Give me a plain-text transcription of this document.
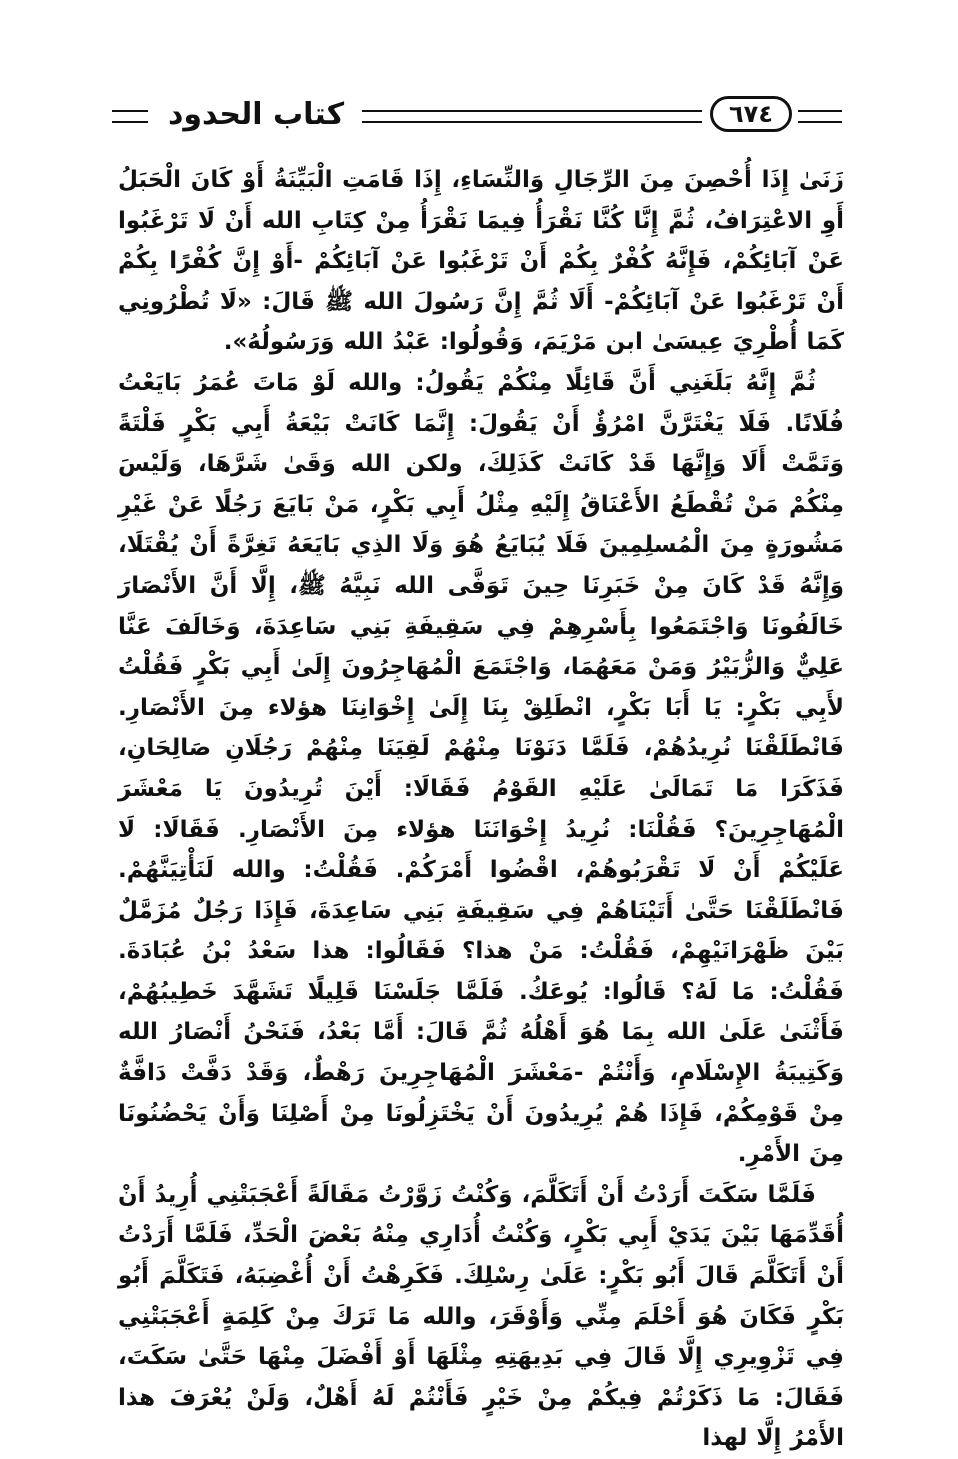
كتاب الحدود	٦٧٤

زَنَىٰ إِذَا أُحْصِنَ مِنَ الرِّجَالِ وَالنِّسَاءِ، إِذَا قَامَتِ الْبَيِّنَةُ أَوْ كَانَ الْحَبَلُ أَوِ الاعْتِرَافُ، ثُمَّ إِنَّا كُنَّا نَقْرَأُ فِيمَا نَقْرَأُ مِنْ كِتَابِ الله أَنْ لَا تَرْغَبُوا عَنْ آبَائِكُمْ، فَإِنَّهُ كُفْرٌ بِكُمْ أَنْ تَرْغَبُوا عَنْ آبَائِكُمْ -أَوْ إِنَّ كُفْرًا بِكُمْ أَنْ تَرْغَبُوا عَنْ آبَائِكُمْ- أَلَا ثُمَّ إِنَّ رَسُولَ الله ﷺ قَالَ: «لَا تُطْرُونِي كَمَا أُطْرِيَ عِيسَىٰ ابن مَرْيَمَ، وَقُولُوا: عَبْدُ الله وَرَسُولُهُ».

ثُمَّ إِنَّهُ بَلَغَنِي أَنَّ قَائِلًا مِنْكُمْ يَقُولُ: والله لَوْ مَاتَ عُمَرُ بَايَعْتُ فُلَانًا. فَلَا يَغْتَرَّنَّ امْرُؤٌ أَنْ يَقُولَ: إِنَّمَا كَانَتْ بَيْعَةُ أَبِي بَكْرٍ فَلْتَةً وَتَمَّتْ أَلَا وَإِنَّهَا قَدْ كَانَتْ كَذَلِكَ، ولكن الله وَقَىٰ شَرَّهَا، وَلَيْسَ مِنْكُمْ مَنْ تُقْطَعُ الأَعْنَاقُ إِلَيْهِ مِثْلُ أَبِي بَكْرٍ، مَنْ بَايَعَ رَجُلًا عَنْ غَيْرِ مَشُورَةٍ مِنَ الْمُسلِمِينَ فَلَا يُبَايَعُ هُوَ وَلَا الذِي بَايَعَهُ تَغِرَّةً أَنْ يُقْتَلَا، وَإِنَّهُ قَدْ كَانَ مِنْ خَبَرِنَا حِينَ تَوَفَّى الله نَبِيَّهُ ﷺ، إِلَّا أَنَّ الأَنْصَارَ خَالَفُونَا وَاجْتَمَعُوا بِأَسْرِهِمْ فِي سَقِيفَةِ بَنِي سَاعِدَةَ، وَخَالَفَ عَنَّا عَلِيٌّ وَالزُّبَيْرُ وَمَنْ مَعَهُمَا، وَاجْتَمَعَ الْمُهَاجِرُونَ إِلَىٰ أَبِي بَكْرٍ فَقُلْتُ لأَبِي بَكْرٍ: يَا أَبَا بَكْرٍ، انْطَلِقْ بِنَا إِلَىٰ إِخْوَانِنَا هؤلاء مِنَ الأَنْصَارِ. فَانْطَلَقْنَا نُرِيدُهُمْ، فَلَمَّا دَنَوْنَا مِنْهُمْ لَقِيَنَا مِنْهُمْ رَجُلَانِ صَالِحَانِ، فَذَكَرَا مَا تَمَالَىٰ عَلَيْهِ القَوْمُ فَقَالَا: أَيْنَ تُرِيدُونَ يَا مَعْشَرَ الْمُهَاجِرِينَ؟ فَقُلْنَا: نُرِيدُ إِخْوَانَنَا هؤلاء مِنَ الأَنْصَارِ. فَقَالَا: لَا عَلَيْكُمْ أَنْ لَا تَقْرَبُوهُمْ، اقْضُوا أَمْرَكُمْ. فَقُلْتُ: والله لَنَأْتِيَنَّهُمْ. فَانْطَلَقْنَا حَتَّىٰ أَتَيْنَاهُمْ فِي سَقِيفَةِ بَنِي سَاعِدَةَ، فَإِذَا رَجُلٌ مُزَمَّلٌ بَيْنَ ظَهْرَانَيْهِمْ، فَقُلْتُ: مَنْ هذا؟ فَقَالُوا: هذا سَعْدُ بْنُ عُبَادَةَ. فَقُلْتُ: مَا لَهُ؟ قَالُوا: يُوعَكُ. فَلَمَّا جَلَسْنَا قَلِيلًا تَشَهَّدَ خَطِيبُهُمْ، فَأَثْنَىٰ عَلَىٰ الله بِمَا هُوَ أَهْلُهُ ثُمَّ قَالَ: أَمَّا بَعْدُ، فَنَحْنُ أَنْصَارُ الله وَكَتِيبَةُ الإِسْلَامِ، وَأَنْتُمْ -مَعْشَرَ الْمُهَاجِرِينَ رَهْطٌ، وَقَدْ دَفَّتْ دَافَّةٌ مِنْ قَوْمِكُمْ، فَإِذَا هُمْ يُرِيدُونَ أَنْ يَخْتَزِلُونَا مِنْ أَصْلِنَا وَأَنْ يَحْضُنُونَا مِنَ الأَمْرِ.

فَلَمَّا سَكَتَ أَرَدْتُ أَنْ أَتَكَلَّمَ، وَكُنْتُ زَوَّرْتُ مَقَالَةً أَعْجَبَتْنِي أُرِيدُ أَنْ أُقَدِّمَهَا بَيْنَ يَدَيْ أَبِي بَكْرٍ، وَكُنْتُ أُدَارِي مِنْهُ بَعْضَ الْحَدِّ، فَلَمَّا أَرَدْتُ أَنْ أَتَكَلَّمَ قَالَ أَبُو بَكْرٍ: عَلَىٰ رِسْلِكَ. فَكَرِهْتُ أَنْ أُغْضِبَهُ، فَتَكَلَّمَ أَبُو بَكْرٍ فَكَانَ هُوَ أَحْلَمَ مِنِّي وَأَوْقَرَ، والله مَا تَرَكَ مِنْ كَلِمَةٍ أَعْجَبَتْنِي فِي تَزْوِيرِي إِلَّا قَالَ فِي بَدِيهَتِهِ مِثْلَهَا أَوْ أَفْضَلَ مِنْهَا حَتَّىٰ سَكَتَ، فَقَالَ: مَا ذَكَرْتُمْ فِيكُمْ مِنْ خَيْرٍ فَأَنْتُمْ لَهُ أَهْلٌ، وَلَنْ يُعْرَفَ هذا الأَمْرُ إِلَّا لهذا
